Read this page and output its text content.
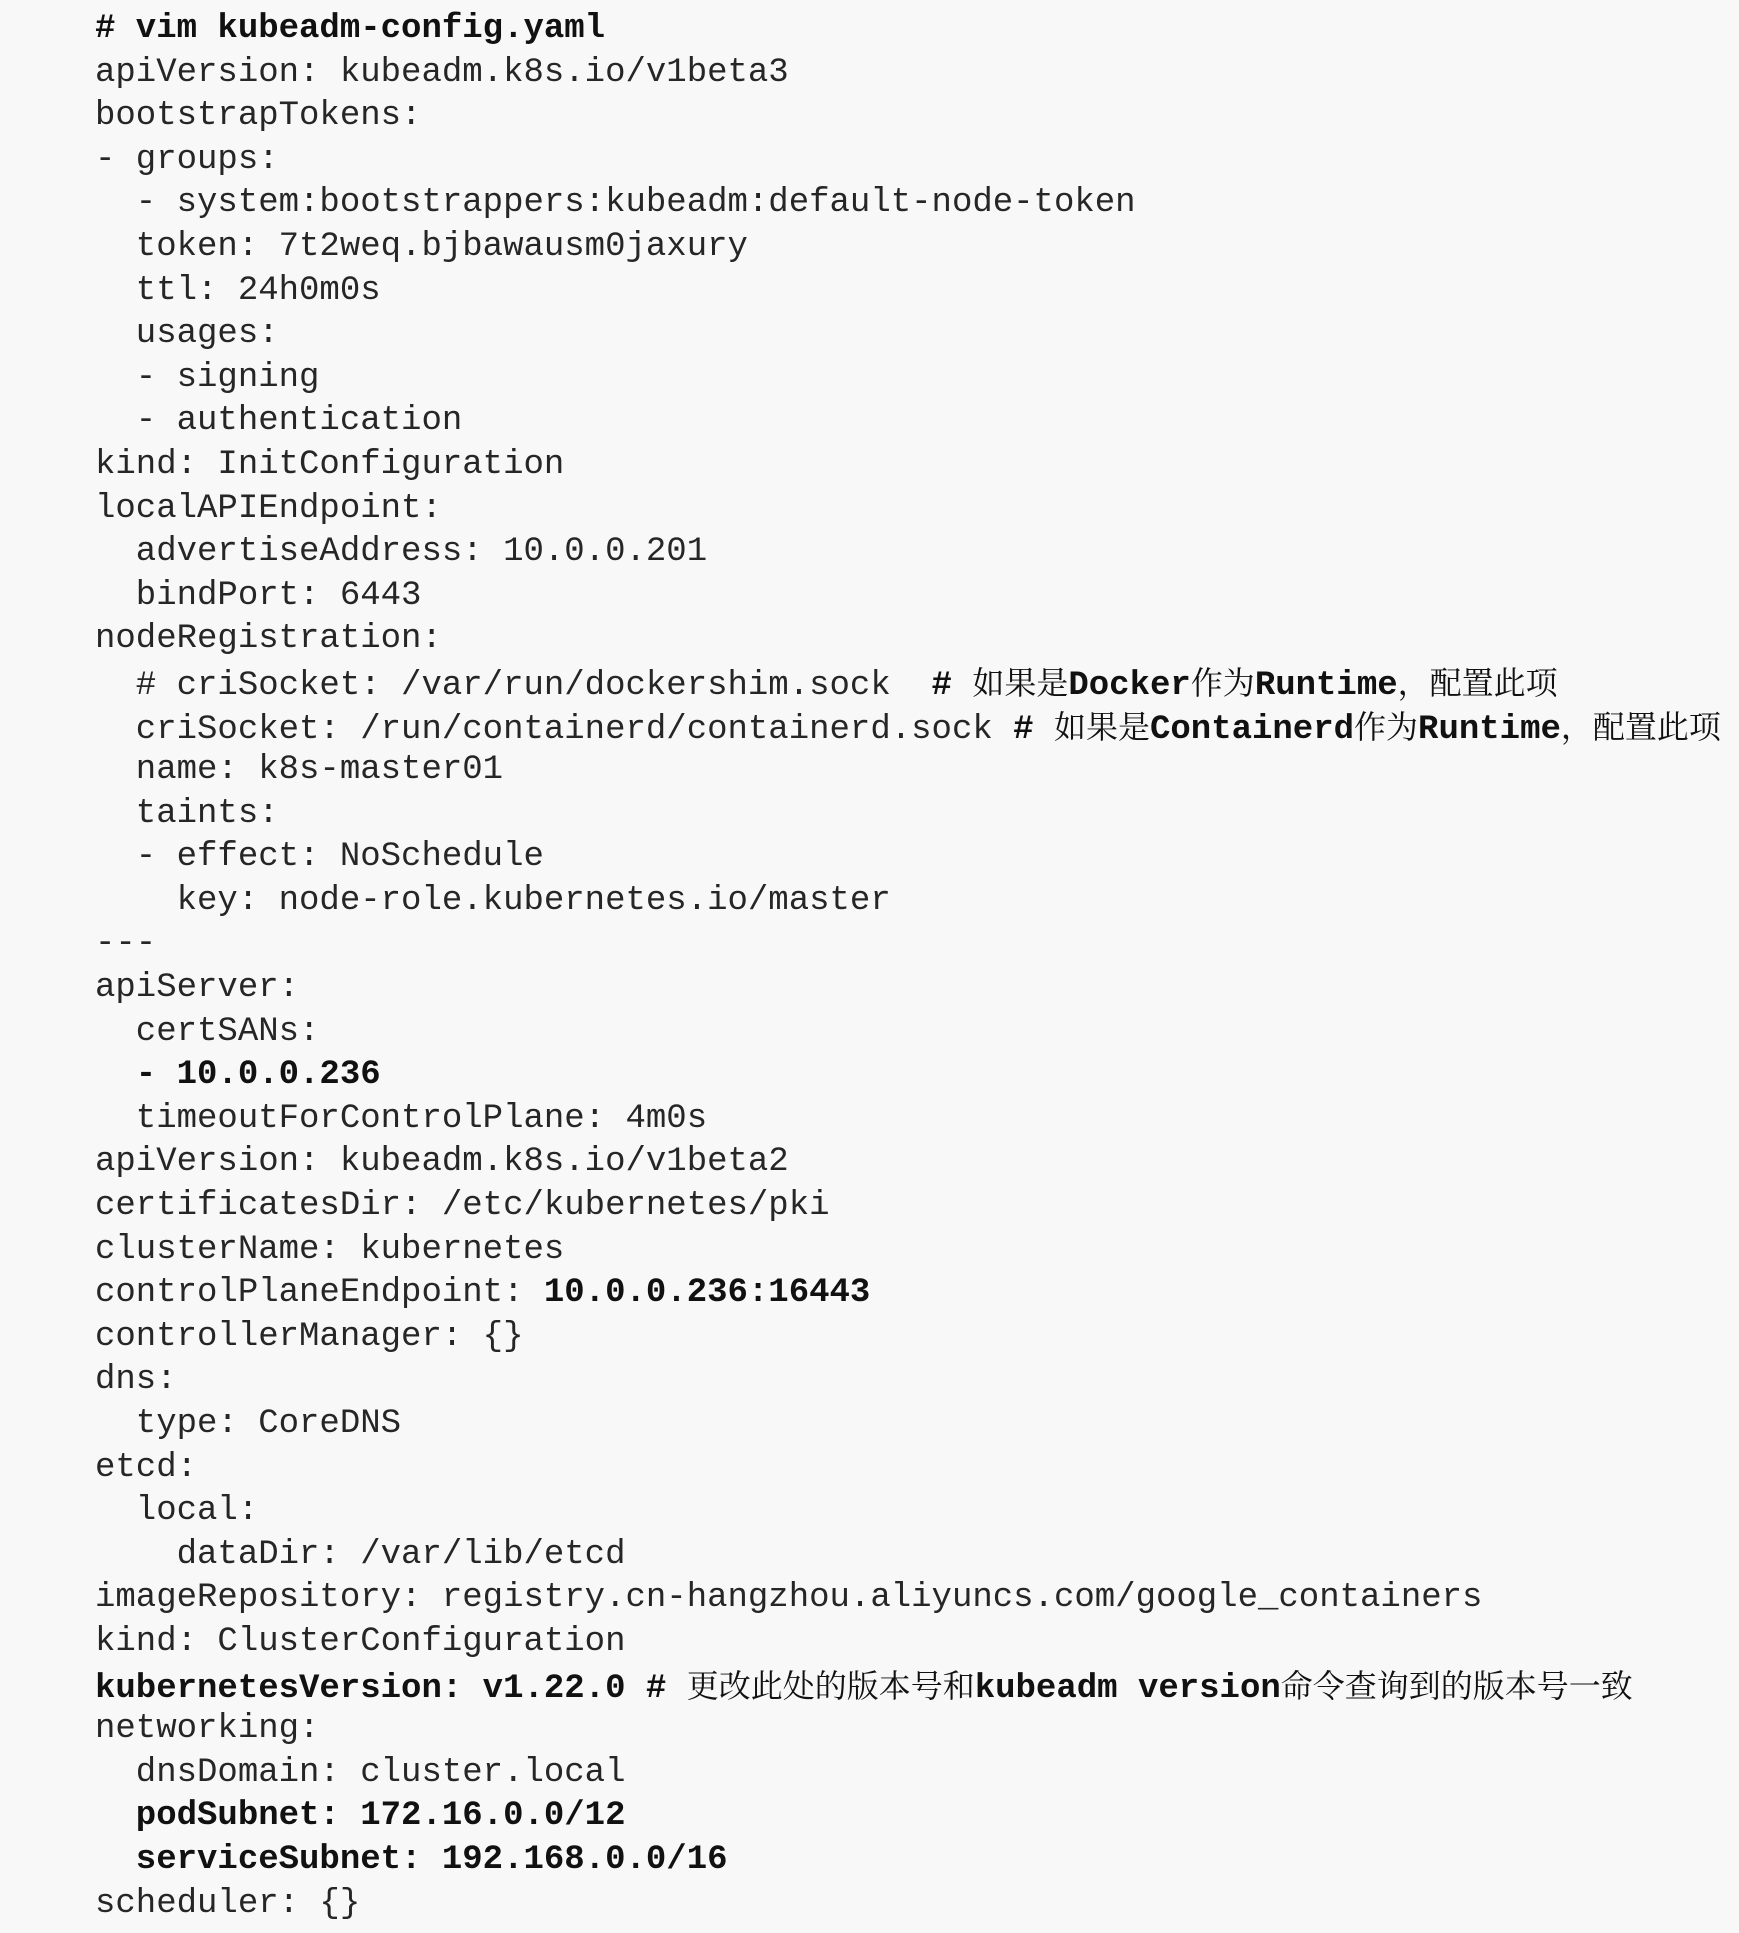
# vim kubeadm-config.yaml
apiVersion: kubeadm.k8s.io/v1beta3
bootstrapTokens:
- groups:
- system:bootstrappers:kubeadm:default-node-token
token: 7t2weq.bjbawausm0jaxury
ttl: 24h0m0s
usages:
- signing
- authentication
kind: InitConfiguration
localAPIEndpoint:
advertiseAddress: 10.0.0.201
bindPort: 6443
nodeRegistration:
# criSocket: /var/run/dockershim.sock  # 如果是Docker作为Runtime，配置此项
criSocket: /run/containerd/containerd.sock # 如果是Containerd作为Runtime，配置此项
name: k8s-master01
taints:
- effect: NoSchedule
key: node-role.kubernetes.io/master
---
apiServer:
certSANs:
- 10.0.0.236
timeoutForControlPlane: 4m0s
apiVersion: kubeadm.k8s.io/v1beta2
certificatesDir: /etc/kubernetes/pki
clusterName: kubernetes
controlPlaneEndpoint: 10.0.0.236:16443
controllerManager: {}
dns:
type: CoreDNS
etcd:
local:
dataDir: /var/lib/etcd
imageRepository: registry.cn-hangzhou.aliyuncs.com/google_containers
kind: ClusterConfiguration
kubernetesVersion: v1.22.0 # 更改此处的版本号和kubeadm version命令查询到的版本号一致
networking:
dnsDomain: cluster.local
podSubnet: 172.16.0.0/12
serviceSubnet: 192.168.0.0/16
scheduler: {}
